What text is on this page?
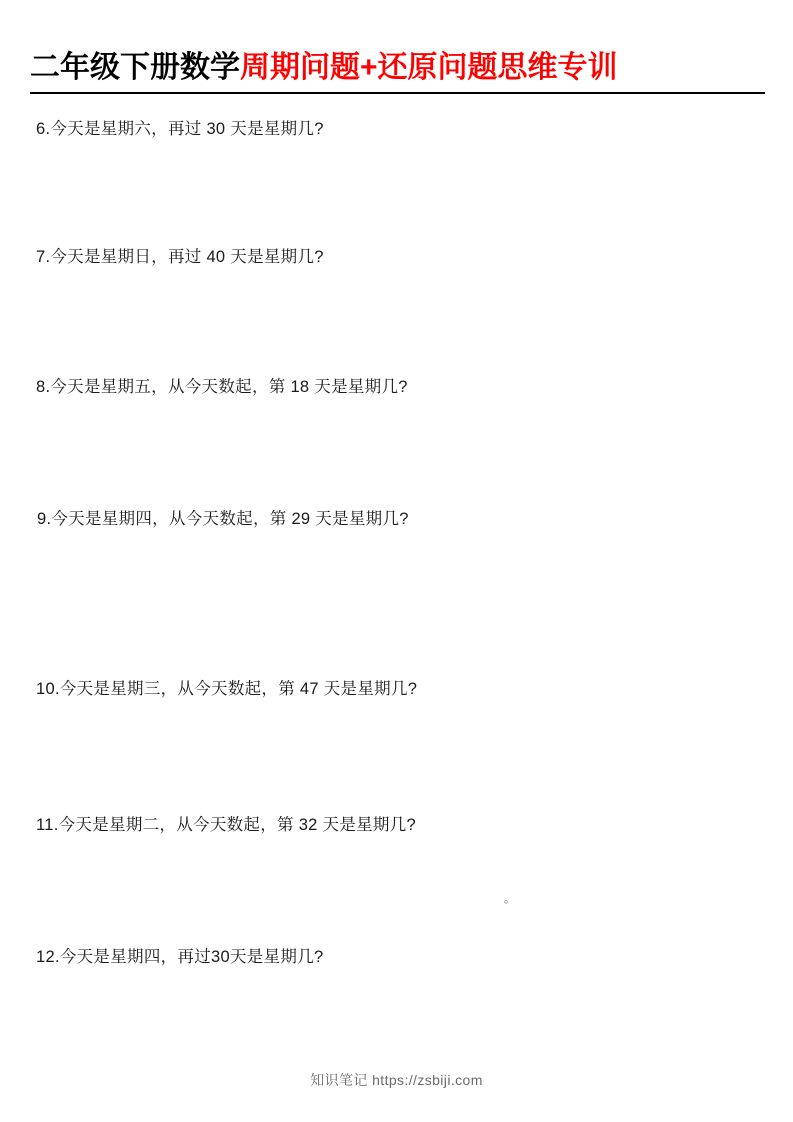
二年级下册数学 周期问题+还原问题思维专训
6.今天是星期六，再过 30 天是星期几?
7.今天是星期日，再过 40 天是星期几?
8.今天是星期五，从今天数起，第 18 天是星期几?
9.今天是星期四，从今天数起，第 29 天是星期几?
10.今天是星期三，从今天数起，第 47 天是星期几?
11.今天是星期二，从今天数起，第 32 天是星期几?
12.今天是星期四，再过30天是星期几?
。
知识笔记 https://zsbiji.com
